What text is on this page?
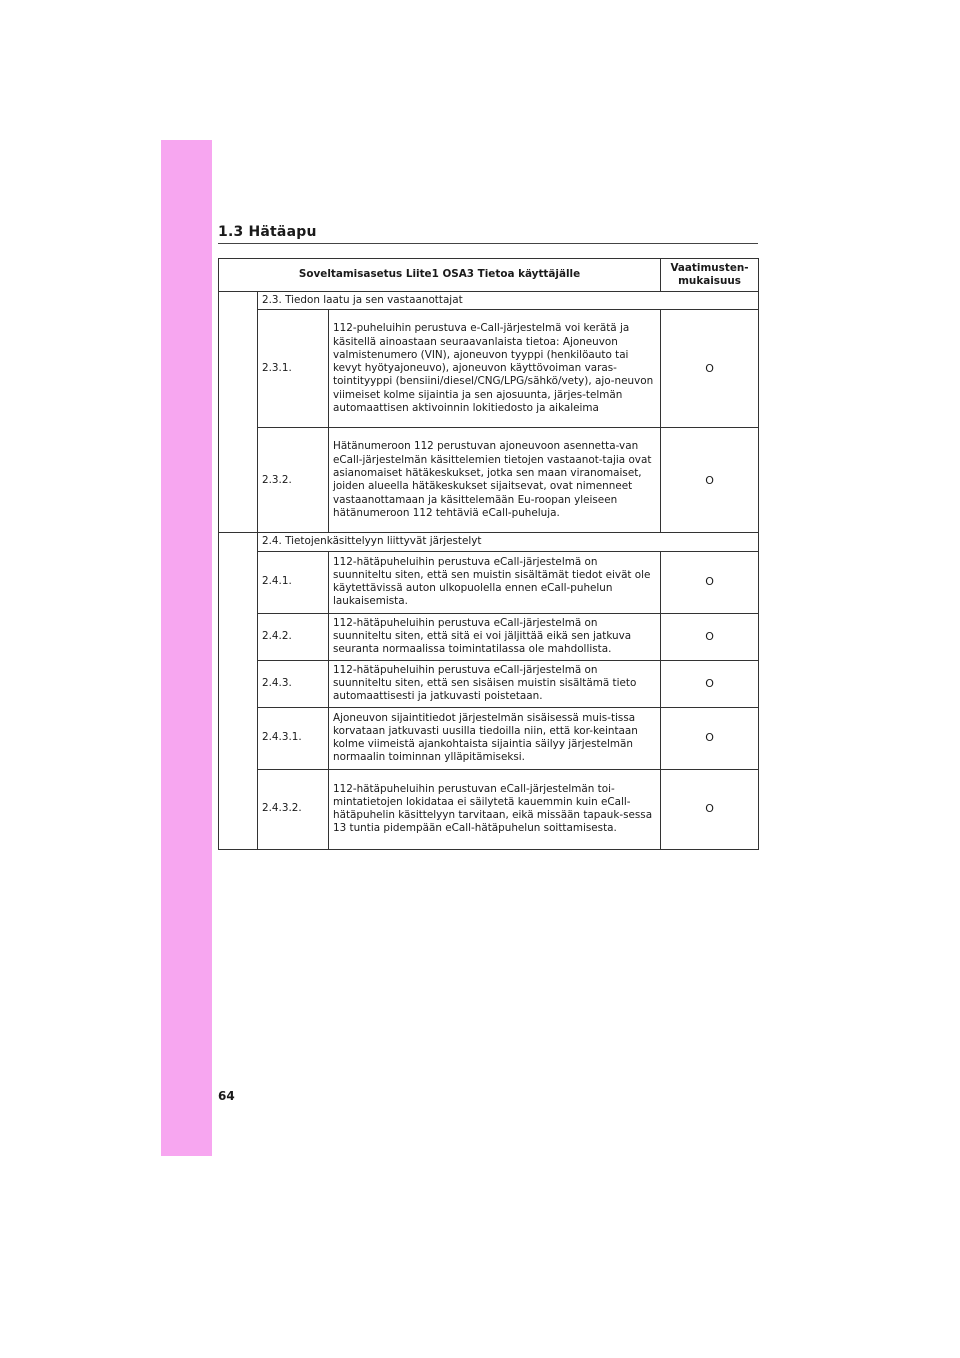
1.3 Hätäapu
Soveltamisasetus Liite1 OSA3 Tietoa käyttäjälle			Vaatimusten-
mukaisuus
	2.3. Tiedon laatu ja sen vastaanottajat		
	2.3.1.	112-puheluihin perustuva e-Call-järjestelmä voi kerätä ja käsitellä ainoastaan seuraavanlaista tietoa: Ajoneuvon valmistenumero (VIN), ajoneuvon tyyppi (henkilöauto tai kevyt hyötyajoneuvo), ajoneuvon käyttövoiman varas-tointityyppi (bensiini/diesel/CNG/LPG/sähkö/vety), ajo-neuvon viimeiset kolme sijaintia ja sen ajosuunta, järjes-telmän automaattisen aktivoinnin lokitiedosto ja aikaleima	O
	2.3.2.	Hätänumeroon 112 perustuvan ajoneuvoon asennetta-van eCall-järjestelmän käsittelemien tietojen vastaanot-tajia ovat asianomaiset hätäkeskukset, jotka sen maan viranomaiset, joiden alueella hätäkeskukset sijaitsevat, ovat nimenneet vastaanottamaan ja käsittelemään Eu-roopan yleiseen hätänumeroon 112 tehtäviä eCall-puheluja.	O
	2.4. Tietojenkäsittelyyn liittyvät järjestelyt		
	2.4.1.	112-hätäpuheluihin perustuva eCall-järjestelmä on suunniteltu siten, että sen muistin sisältämät tiedot eivät ole käytettävissä auton ulkopuolella ennen eCall-puhelun laukaisemista.	O
	2.4.2.	112-hätäpuheluihin perustuva eCall-järjestelmä on suunniteltu siten, että sitä ei voi jäljittää eikä sen jatkuva seuranta normaalissa toimintatilassa ole mahdollista.	O
	2.4.3.	112-hätäpuheluihin perustuva eCall-järjestelmä on suunniteltu siten, että sen sisäisen muistin sisältämä tieto automaattisesti ja jatkuvasti poistetaan.	O
	2.4.3.1.	Ajoneuvon sijaintitiedot järjestelmän sisäisessä muis-tissa korvataan jatkuvasti uusilla tiedoilla niin, että kor-keintaan kolme viimeistä ajankohtaista sijaintia säilyy järjestelmän normaalin toiminnan ylläpitämiseksi.	O
	2.4.3.2.	112-hätäpuheluihin perustuvan eCall-järjestelmän toi-mintatietojen lokidataa ei säilytetä kauemmin kuin eCall-hätäpuhelin käsittelyyn tarvitaan, eikä missään tapauk-sessa 13 tuntia pidempään eCall-hätäpuhelun soittamisesta.	O
64
